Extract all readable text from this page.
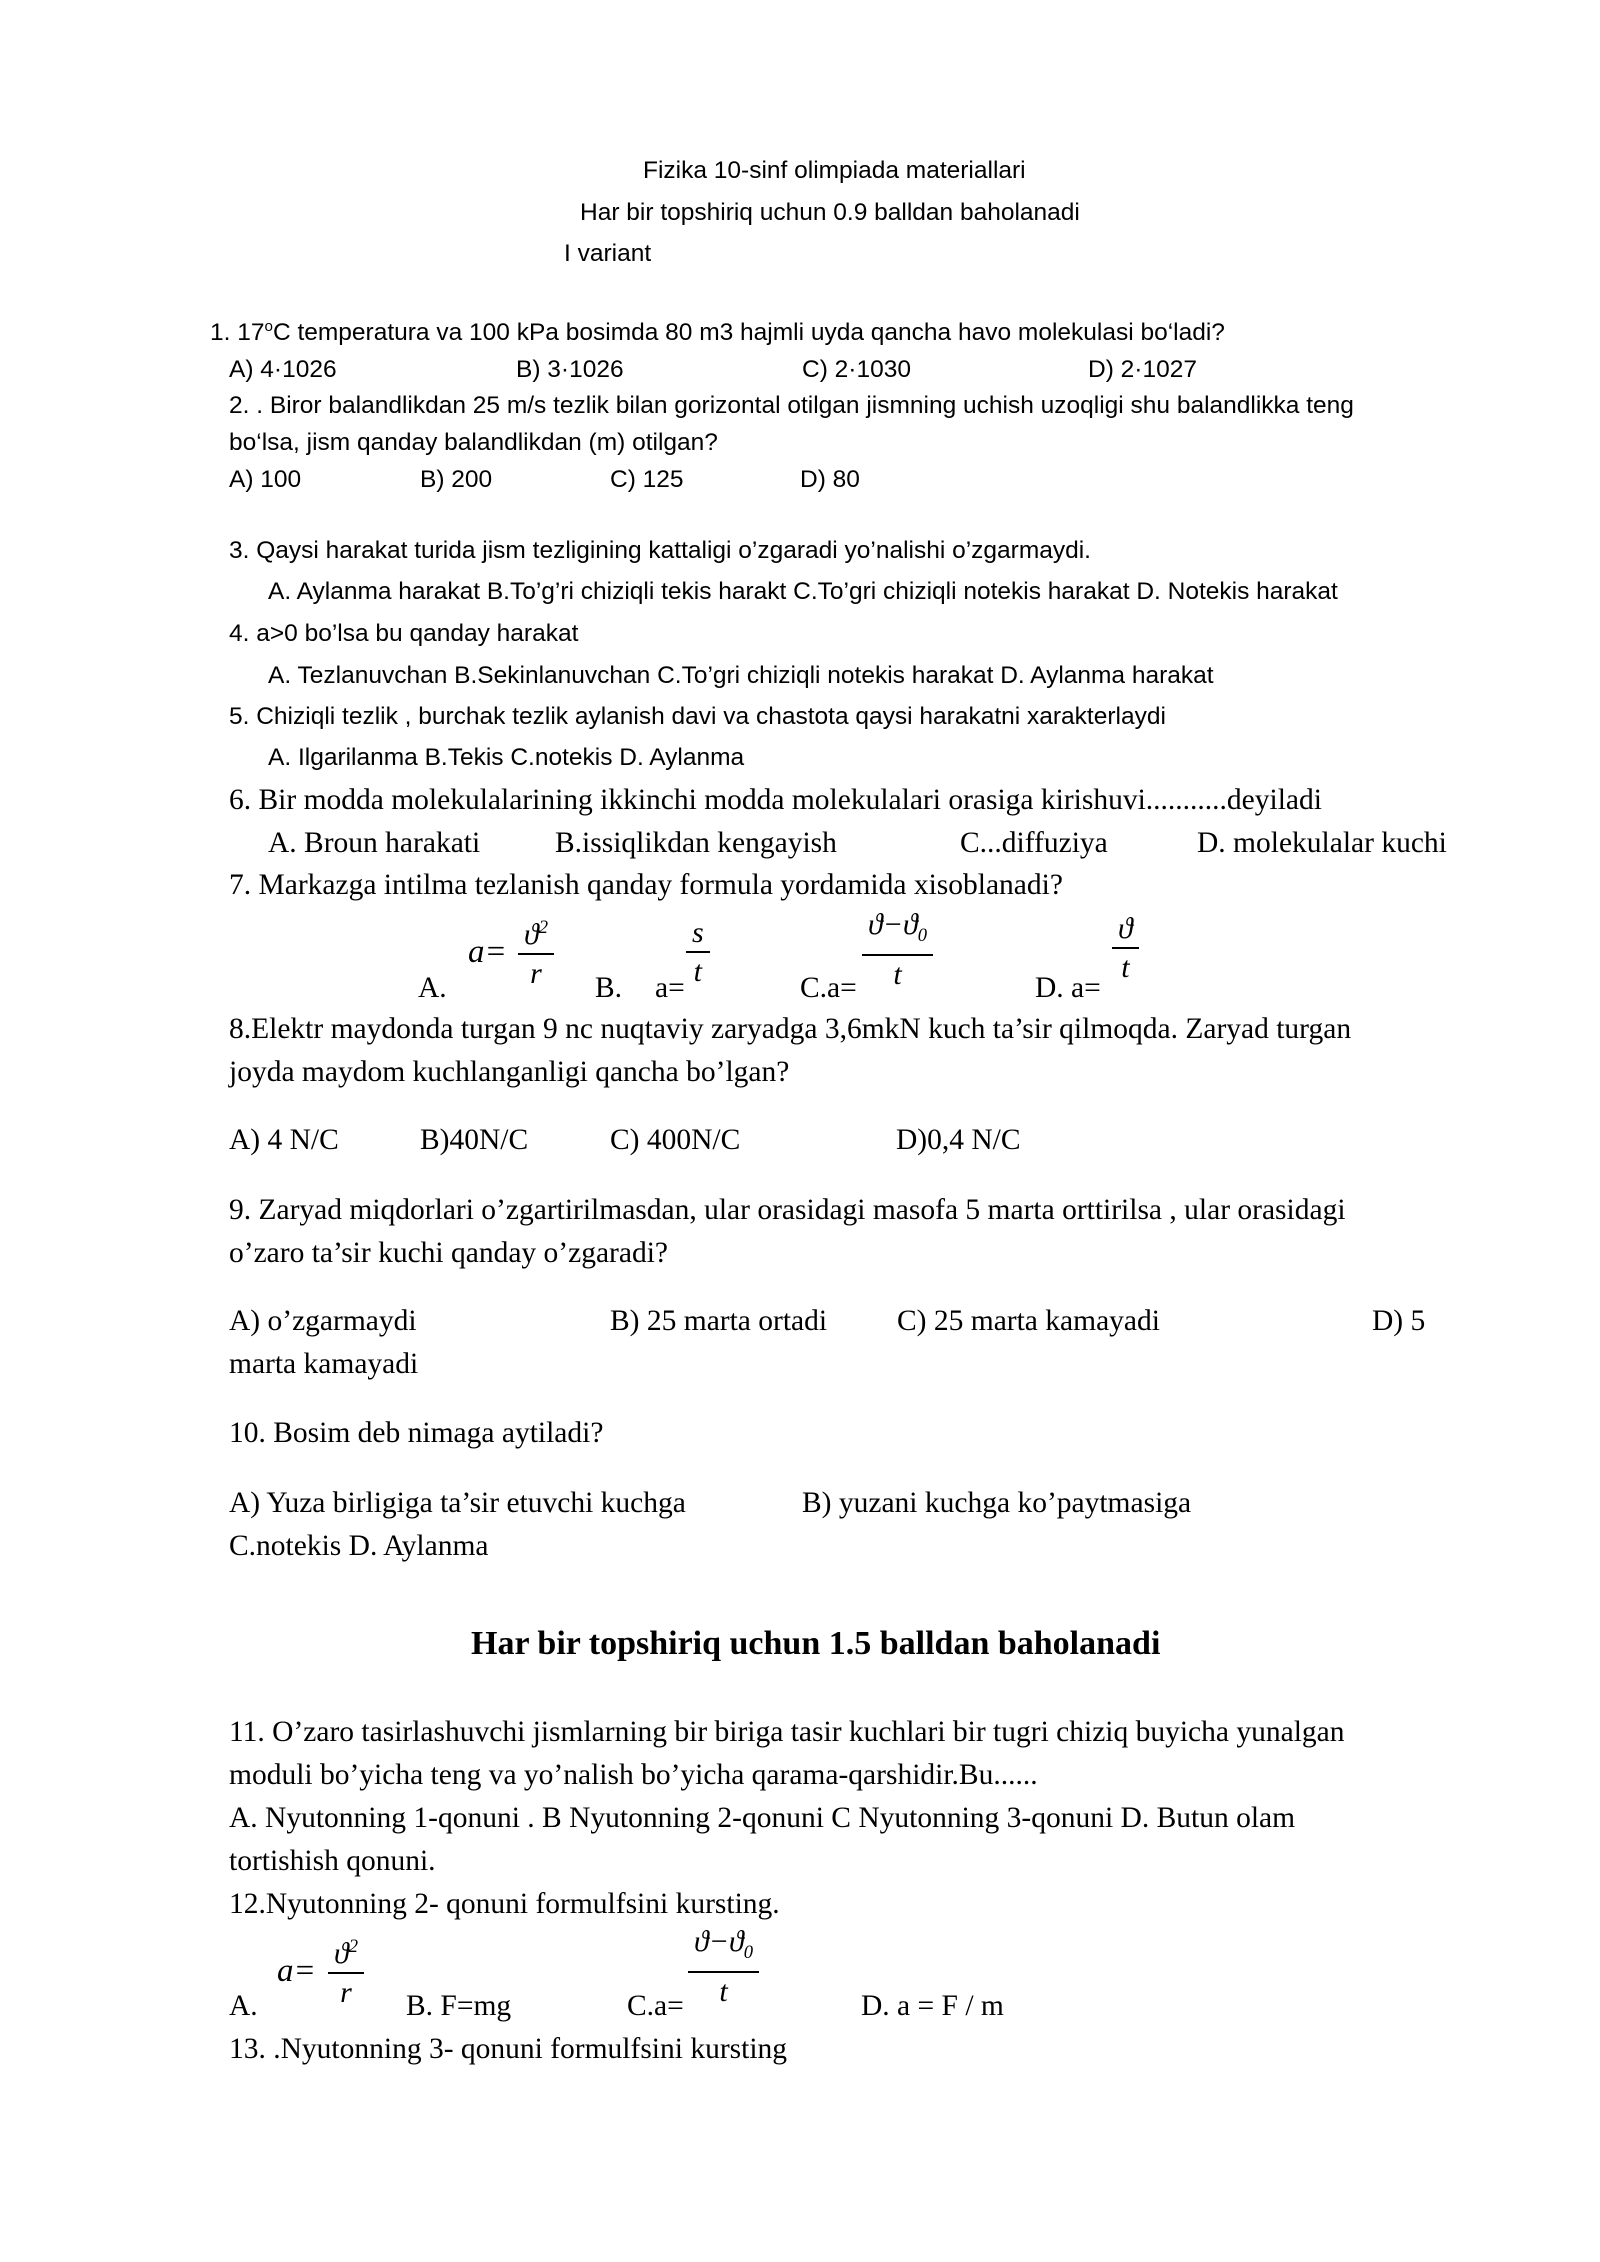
Fizika 10-sinf olimpiada materiallari
Har bir topshiriq uchun 0.9 balldan baholanadi
I variant
1. 17$^o$C temperatura va 100 kPa bosimda 80 m3 hajmli uyda qancha havo molekulasi bo‘ladi?
A) 4·1026	B) 3·1026	C) 2·1030	D) 2·1027
2. . Biror balandlikdan 25 m/s tezlik bilan gorizontal otilgan jismning uchish uzoqligi shu balandlikka teng
bo‘lsa, jism qanday balandlikdan (m) otilgan?
A) 100	B) 200	C) 125	D) 80
3. Qaysi harakat turida jism tezligining kattaligi o’zgaradi yo’nalishi o’zgarmaydi.
A. Aylanma harakat B.To’g’ri chiziqli tekis harakt C.To’gri chiziqli notekis harakat D. Notekis harakat
4. a>0 bo’lsa bu qanday harakat
A. Tezlanuvchan B.Sekinlanuvchan C.To’gri chiziqli notekis harakat D. Aylanma harakat
5. Chiziqli tezlik , burchak tezlik aylanish davi va chastota qaysi harakatni xarakterlaydi
A. Ilgarilanma B.Tekis C.notekis D. Aylanma
6. Bir modda molekulalarining ikkinchi modda molekulalari orasiga kirishuvi...........deyiladi
A. Broun harakati	B.issiqlikdan kengayish	C...diffuziya	D. molekulalar kuchi
7. Markazga intilma tezlanish qanday formula yordamida xisoblanadi?
$a= \frac{ϑ^2}{r}$
A.	B. a=
$\frac{s}{t}$
$C.a= \frac{ϑ-ϑ_0}{t}$	D. a=
$\frac{ϑ}{t}$
8.Elektr maydonda turgan 9 nc nuqtaviy zaryadga 3,6mkN kuch ta’sir qilmoqda. Zaryad turgan
joyda maydom kuchlanganligi qancha bo’lgan?
A) 4 N/C	B)40N/C	C) 400N/C	D)0,4 N/C
9. Zaryad miqdorlari o’zgartirilmasdan, ular orasidagi masofa 5 marta orttirilsa , ular orasidagi
o’zaro ta’sir kuchi qanday o’zgaradi?
A) o’zgarmaydi	B) 25 marta ortadi C) 25 marta kamayadi	D) 5
marta kamayadi
10. Bosim deb nimaga aytiladi?
A) Yuza birligiga ta’sir etuvchi kuchga	B) yuzani kuchga ko’paytmasiga
C.notekis D. Aylanma
Har bir topshiriq uchun 1.5 balldan baholanadi
11. O’zaro tasirlashuvchi jismlarning bir biriga tasir kuchlari bir tugri chiziq buyicha yunalgan
moduli bo’yicha teng va yo’nalish bo’yicha qarama-qarshidir.Bu......
A. Nyutonning 1-qonuni . B Nyutonning 2-qonuni C Nyutonning 3-qonuni D. Butun olam
tortishish qonuni.
12.Nyutonning 2- qonuni formulfsini kursting.
$a= \frac{ϑ^2}{r}$
A.	B. F=mg	$C.a= \frac{ϑ-ϑ_0}{t}$	D. a = F / m
13. .Nyutonning 3- qonuni formulfsini kursting
